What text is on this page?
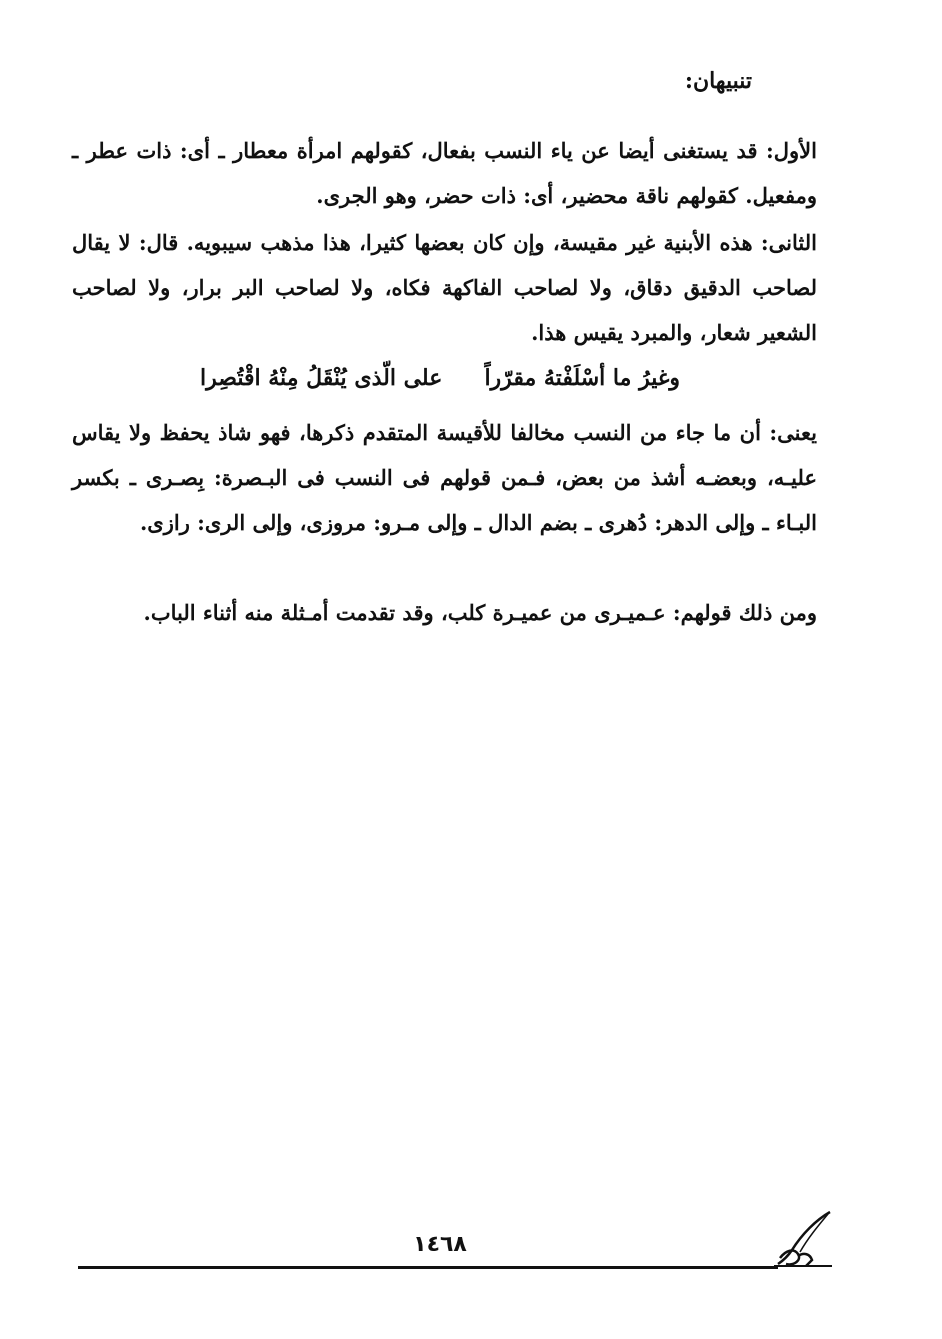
تنبيهان:

الأول: قد يستغنى أيضا عن ياء النسب بفعال، كقولهم امرأة معطار ـ أى: ذات عطر ـ ومفعيل. كقولهم ناقة محضير، أى: ذات حضر، وهو الجرى.

الثانى: هذه الأبنية غير مقيسة، وإن كان بعضها كثيرا، هذا مذهب سيبويه. قال: لا يقال لصاحب الدقيق دقاق، ولا لصاحب الفاكهة فكاه، ولا لصاحب البر برار، ولا لصاحب الشعير شعار، والمبرد يقيس هذا.

وغيرُ ما أسْلَفْتهُ مقرّراً
على الّذى يُنْقَلُ مِنْهُ اقْتُصِرا

يعنى: أن ما جاء من النسب مخالفا للأقيسة المتقدم ذكرها، فهو شاذ يحفظ ولا يقاس عليـه، وبعضـه أشذ من بعض، فـمن قولهم فى النسب فى البـصرة: بِصـرى ـ بكسر البـاء ـ وإلى الدهر: دُهرى ـ بضم الدال ـ وإلى مـرو: مروزى، وإلى الرى: رازى.

ومن ذلك قولهم: عـميـرى من عميـرة كلب، وقد تقدمت أمـثلة منه أثناء الباب.

١٤٦٨
